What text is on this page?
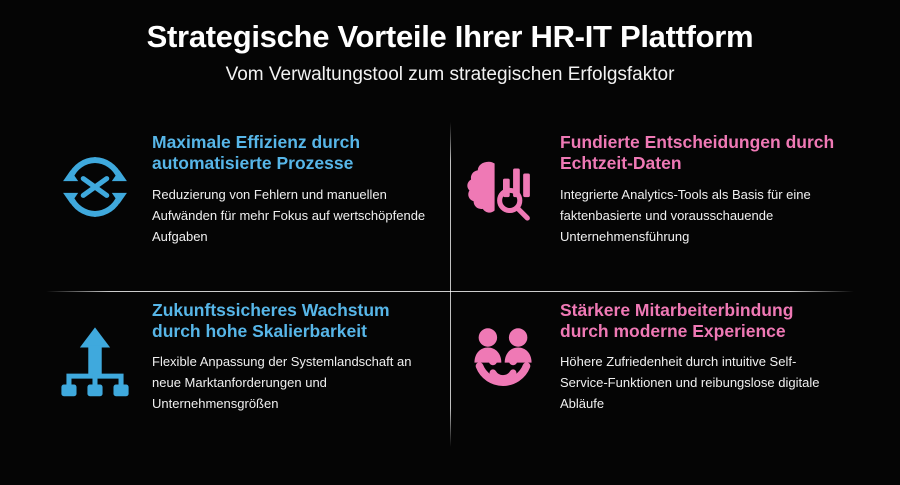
Strategische Vorteile Ihrer HR-IT Plattform
Vom Verwaltungstool zum strategischen Erfolgsfaktor
Maximale Effizienz durch automatisierte Prozesse
Reduzierung von Fehlern und manuellen Aufwänden für mehr Fokus auf wertschöpfende Aufgaben
Fundierte Entscheidungen durch Echtzeit-Daten
Integrierte Analytics-Tools als Basis für eine faktenbasierte und vorausschauende Unternehmensführung
Zukunftssicheres Wachstum durch hohe Skalierbarkeit
Flexible Anpassung der Systemlandschaft an neue Marktanforderungen und Unternehmensgrößen
Stärkere Mitarbeiterbindung durch moderne Experience
Höhere Zufriedenheit durch intuitive Self-Service-Funktionen und reibungslose digitale Abläufe
